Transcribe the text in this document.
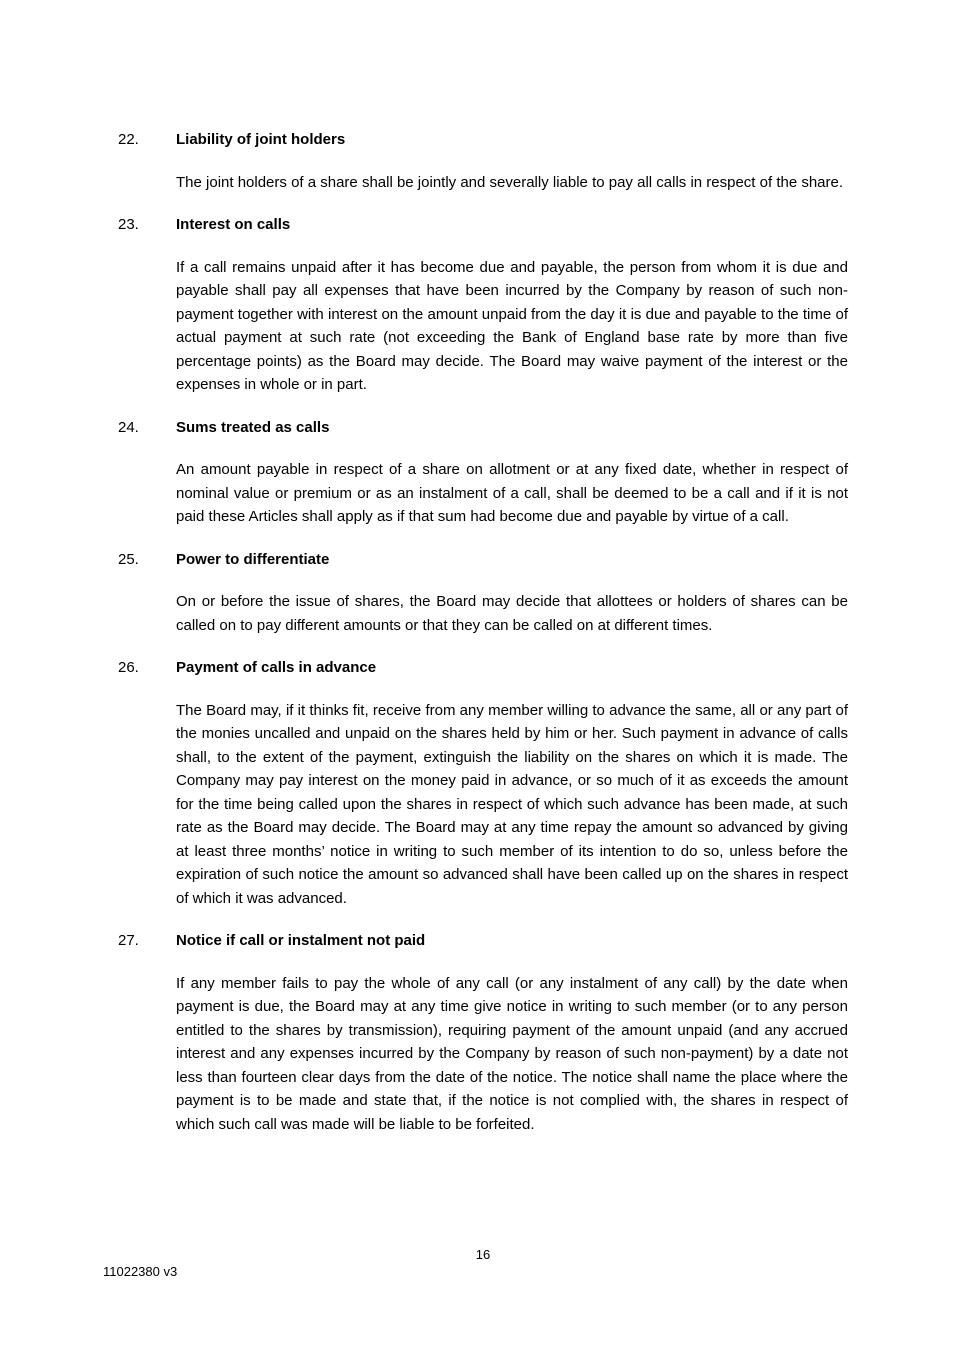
22.	Liability of joint holders

The joint holders of a share shall be jointly and severally liable to pay all calls in respect of the share.

23.	Interest on calls

If a call remains unpaid after it has become due and payable, the person from whom it is due and payable shall pay all expenses that have been incurred by the Company by reason of such non-payment together with interest on the amount unpaid from the day it is due and payable to the time of actual payment at such rate (not exceeding the Bank of England base rate by more than five percentage points) as the Board may decide. The Board may waive payment of the interest or the expenses in whole or in part.

24.	Sums treated as calls

An amount payable in respect of a share on allotment or at any fixed date, whether in respect of nominal value or premium or as an instalment of a call, shall be deemed to be a call and if it is not paid these Articles shall apply as if that sum had become due and payable by virtue of a call.

25.	Power to differentiate

On or before the issue of shares, the Board may decide that allottees or holders of shares can be called on to pay different amounts or that they can be called on at different times.

26.	Payment of calls in advance

The Board may, if it thinks fit, receive from any member willing to advance the same, all or any part of the monies uncalled and unpaid on the shares held by him or her. Such payment in advance of calls shall, to the extent of the payment, extinguish the liability on the shares on which it is made. The Company may pay interest on the money paid in advance, or so much of it as exceeds the amount for the time being called upon the shares in respect of which such advance has been made, at such rate as the Board may decide. The Board may at any time repay the amount so advanced by giving at least three months’ notice in writing to such member of its intention to do so, unless before the expiration of such notice the amount so advanced shall have been called up on the shares in respect of which it was advanced.

27.	Notice if call or instalment not paid

If any member fails to pay the whole of any call (or any instalment of any call) by the date when payment is due, the Board may at any time give notice in writing to such member (or to any person entitled to the shares by transmission), requiring payment of the amount unpaid (and any accrued interest and any expenses incurred by the Company by reason of such non-payment) by a date not less than fourteen clear days from the date of the notice. The notice shall name the place where the payment is to be made and state that, if the notice is not complied with, the shares in respect of which such call was made will be liable to be forfeited.

16
11022380 v3
